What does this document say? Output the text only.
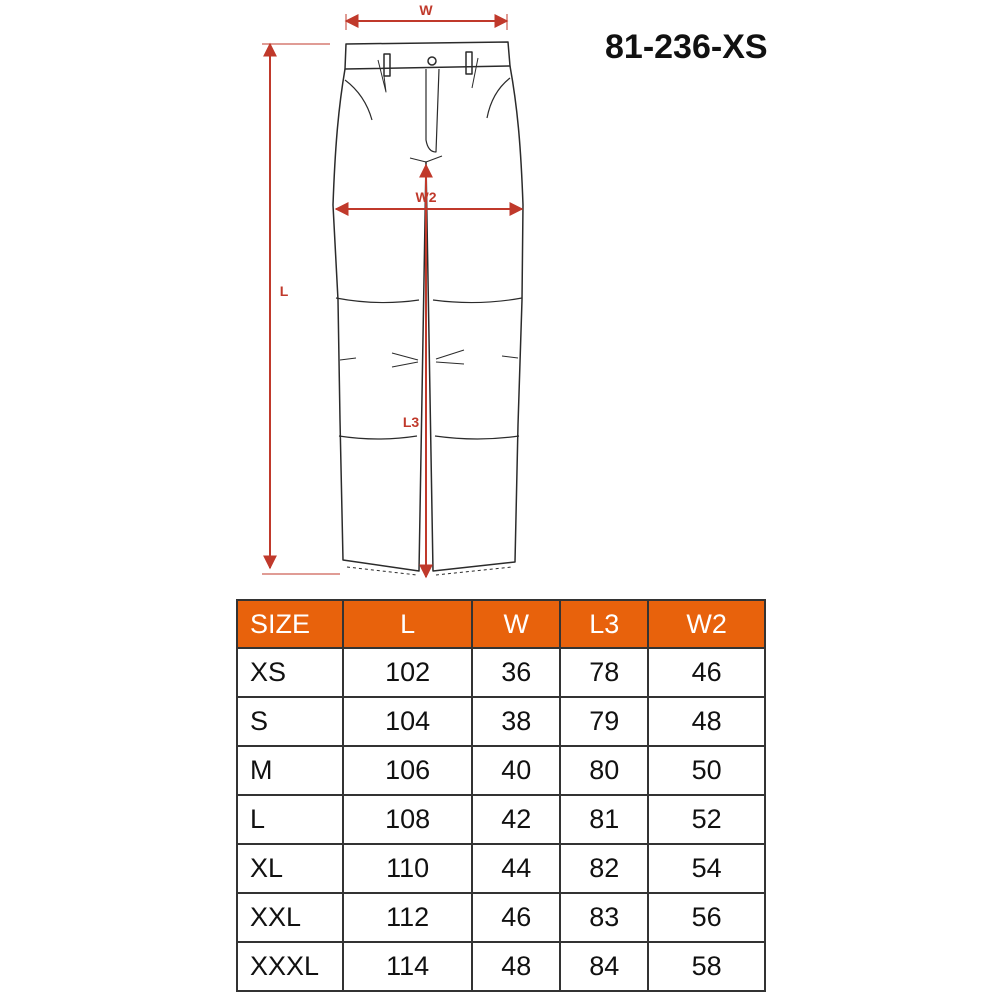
81-236-XS
W
W2
L
L3
SIZE	L	W	L3	W2
XS	102	36	78	46
S	104	38	79	48
M	106	40	80	50
L	108	42	81	52
XL	110	44	82	54
XXL	112	46	83	56
XXXL	114	48	84	58
